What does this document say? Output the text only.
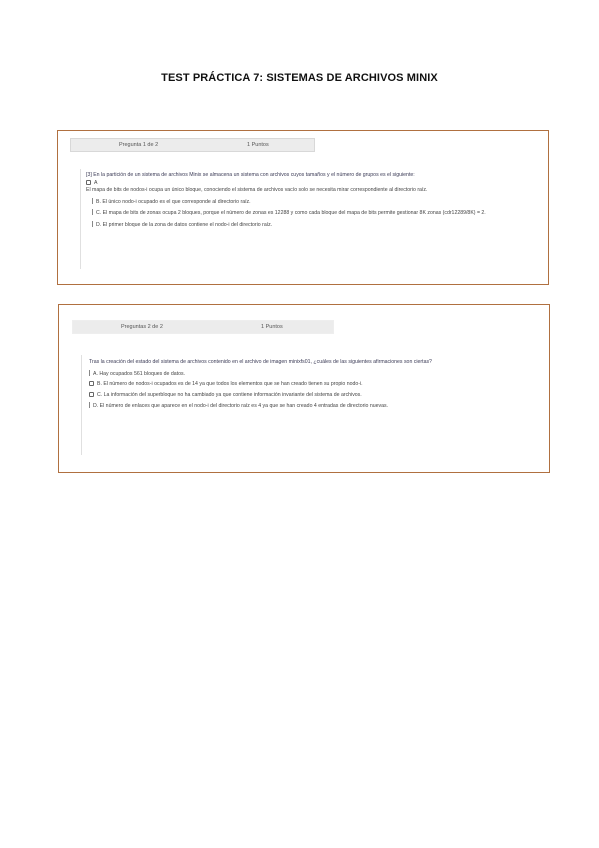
TEST PRÁCTICA 7: SISTEMAS DE ARCHIVOS MINIX
Pregunta 1 de 2	1 Puntos
[3] En la partición de un sistema de archivos Minix se almacena un sistema con archivos cuyos tamaños y el número de grupos es el siguiente:
A
El mapa de bits de nodos-i ocupa un único bloque, conociendo el sistema de archivos vacío solo se necesita mirar correspondiente al directorio raíz.
B. El único nodo-i ocupado es el que corresponde al directorio raíz.
C. El mapa de bits de zonas ocupa 2 bloques, porque el número de zonas es 12288 y como cada bloque del mapa de bits permite gestionar 8K zonas (cdr12289/8K) = 2.
D. El primer bloque de la zona de datos contiene el nodo-i del directorio raíz.
Preguntas 2 de 2	1 Puntos
Tras la creación del estado del sistema de archivos contenido en el archivo de imagen minixfs01, ¿cuáles de las siguientes afirmaciones son ciertas?
A. Hay ocupados 561 bloques de datos.
B. El número de nodos-i ocupados es de 14 ya que todos los elementos que se han creado tienen su propio nodo-i.
C. La información del superbloque no ha cambiado ya que contiene información invariante del sistema de archivos.
D. El número de enlaces que aparece en el nodo-i del directorio raíz es 4 ya que se han creado 4 entradas de directorio nuevas.
